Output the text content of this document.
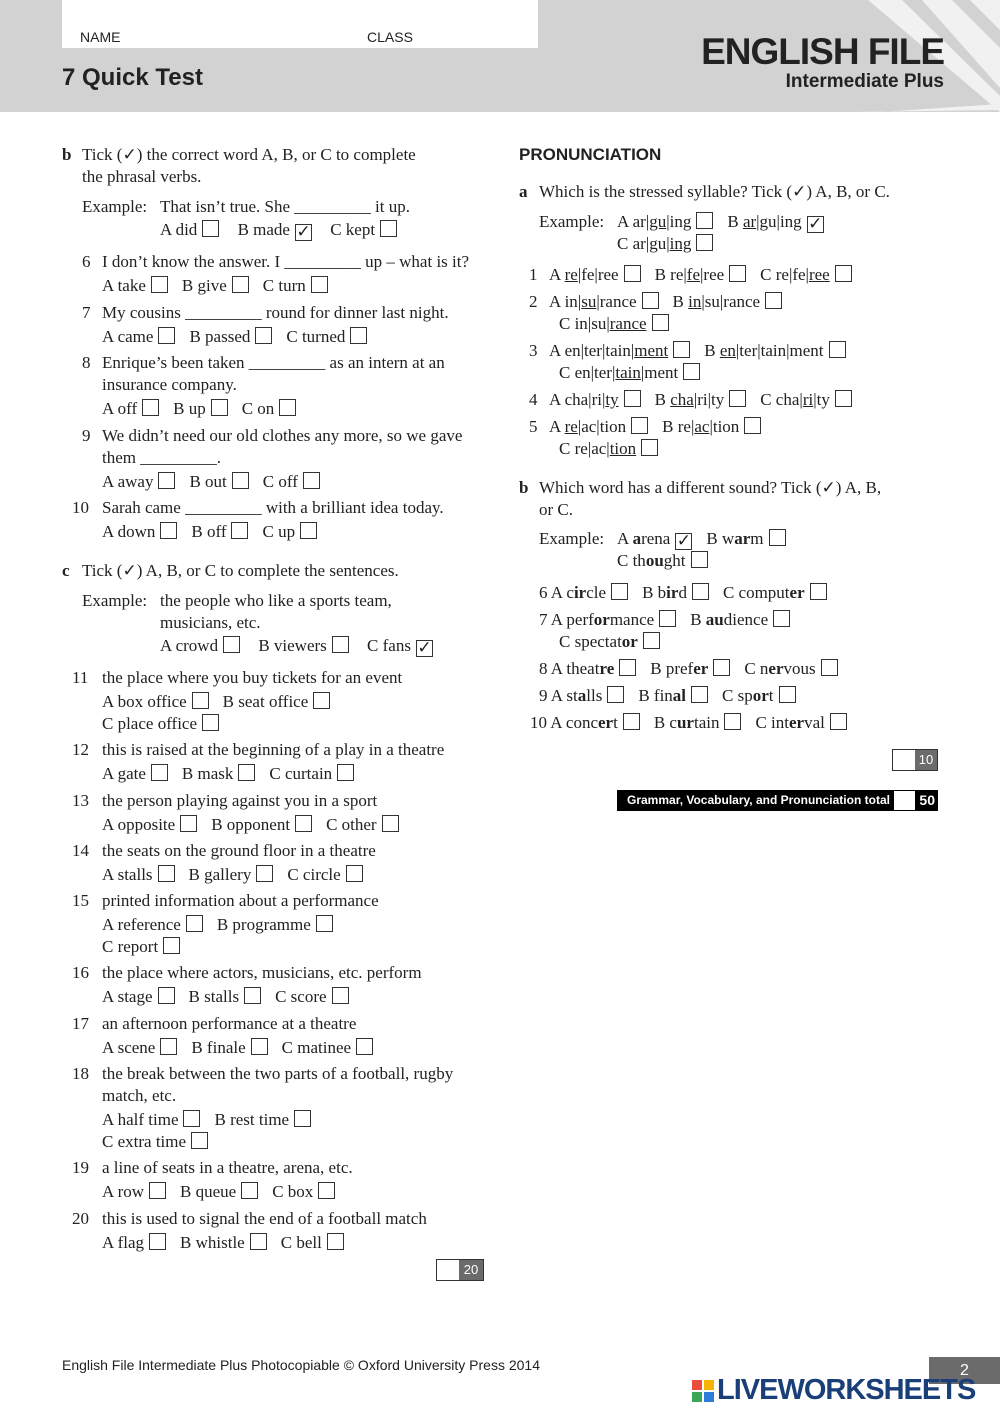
NAME	CLASS
7 Quick Test
ENGLISH FILE
Intermediate Plus
b Tick (✓) the correct word A, B, or C to complete
the phrasal verbs.
Example: That isn’t true. She _________ it up.
A did B made ✓ C kept
6 I don’t know the answer. I _________ up – what is it?
A take B give C turn
7 My cousins _________ round for dinner last night.
A came B passed C turned
8 Enrique’s been taken _________ as an intern at an
insurance company.
A off B up C on
9 We didn’t need our old clothes any more, so we gave
them _________.
A away B out C off
10 Sarah came _________ with a brilliant idea today.
A down B off C up
c Tick (✓) A, B, or C to complete the sentences.
Example: the people who like a sports team,
musicians, etc.
A crowd B viewers C fans ✓
11 the place where you buy tickets for an event
A box office B seat office
C place office
12 this is raised at the beginning of a play in a theatre
A gate B mask C curtain
13 the person playing against you in a sport
A opposite B opponent C other
14 the seats on the ground floor in a theatre
A stalls B gallery C circle
15 printed information about a performance
A reference B programme
C report
16 the place where actors, musicians, etc. perform
A stage B stalls C score
17 an afternoon performance at a theatre
A scene B finale C matinee
18 the break between the two parts of a football, rugby
match, etc.
A half time B rest time
C extra time
19 a line of seats in a theatre, arena, etc.
A row B queue C box
20 this is used to signal the end of a football match
A flag B whistle C bell
20
PRONUNCIATION
a Which is the stressed syllable? Tick (✓) A, B, or C.
Example: A ar|gu|ing B ar|gu|ing ✓
C ar|gu|ing
1 A re|fe|ree B re|fe|ree C re|fe|ree
2 A in|su|rance B in|su|rance
C in|su|rance
3 A en|ter|tain|ment B en|ter|tain|ment
C en|ter|tain|ment
4 A cha|ri|ty B cha|ri|ty C cha|ri|ty
5 A re|ac|tion B re|ac|tion
C re|ac|tion
b Which word has a different sound? Tick (✓) A, B,
or C.
Example: A arena ✓ B warm
C thought
6 A circle B bird C computer
7 A performance B audience
C spectator
8 A theatre B prefer C nervous
9 A stalls B final C sport
10 A concert B curtain C interval
10
Grammar, Vocabulary, and Pronunciation total 50
English File Intermediate Plus Photocopiable © Oxford University Press 2014	2
LIVEWORKSHEETS
